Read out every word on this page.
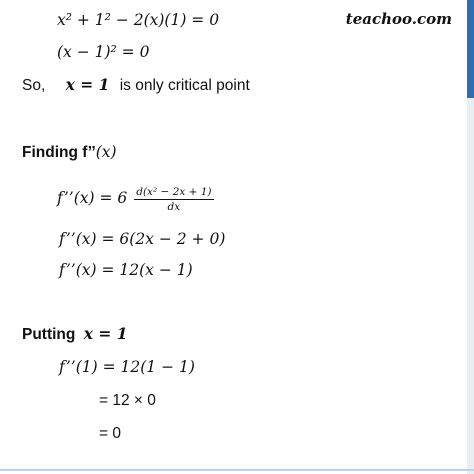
teachoo.com
x² + 1² − 2(x)(1) = 0
(x − 1)² = 0
So, x = 1 is only critical point
Finding f’’(x)
f’’(x) = $6 \frac{\text{d(x² − 2x + 1)}}{dx}$
f’’(x) = 6(2x − 2 + 0)
f’’(x) = 12(x − 1)
Putting x = 1
f’’(1) = 12(1 − 1)
= 12 × 0
= 0
